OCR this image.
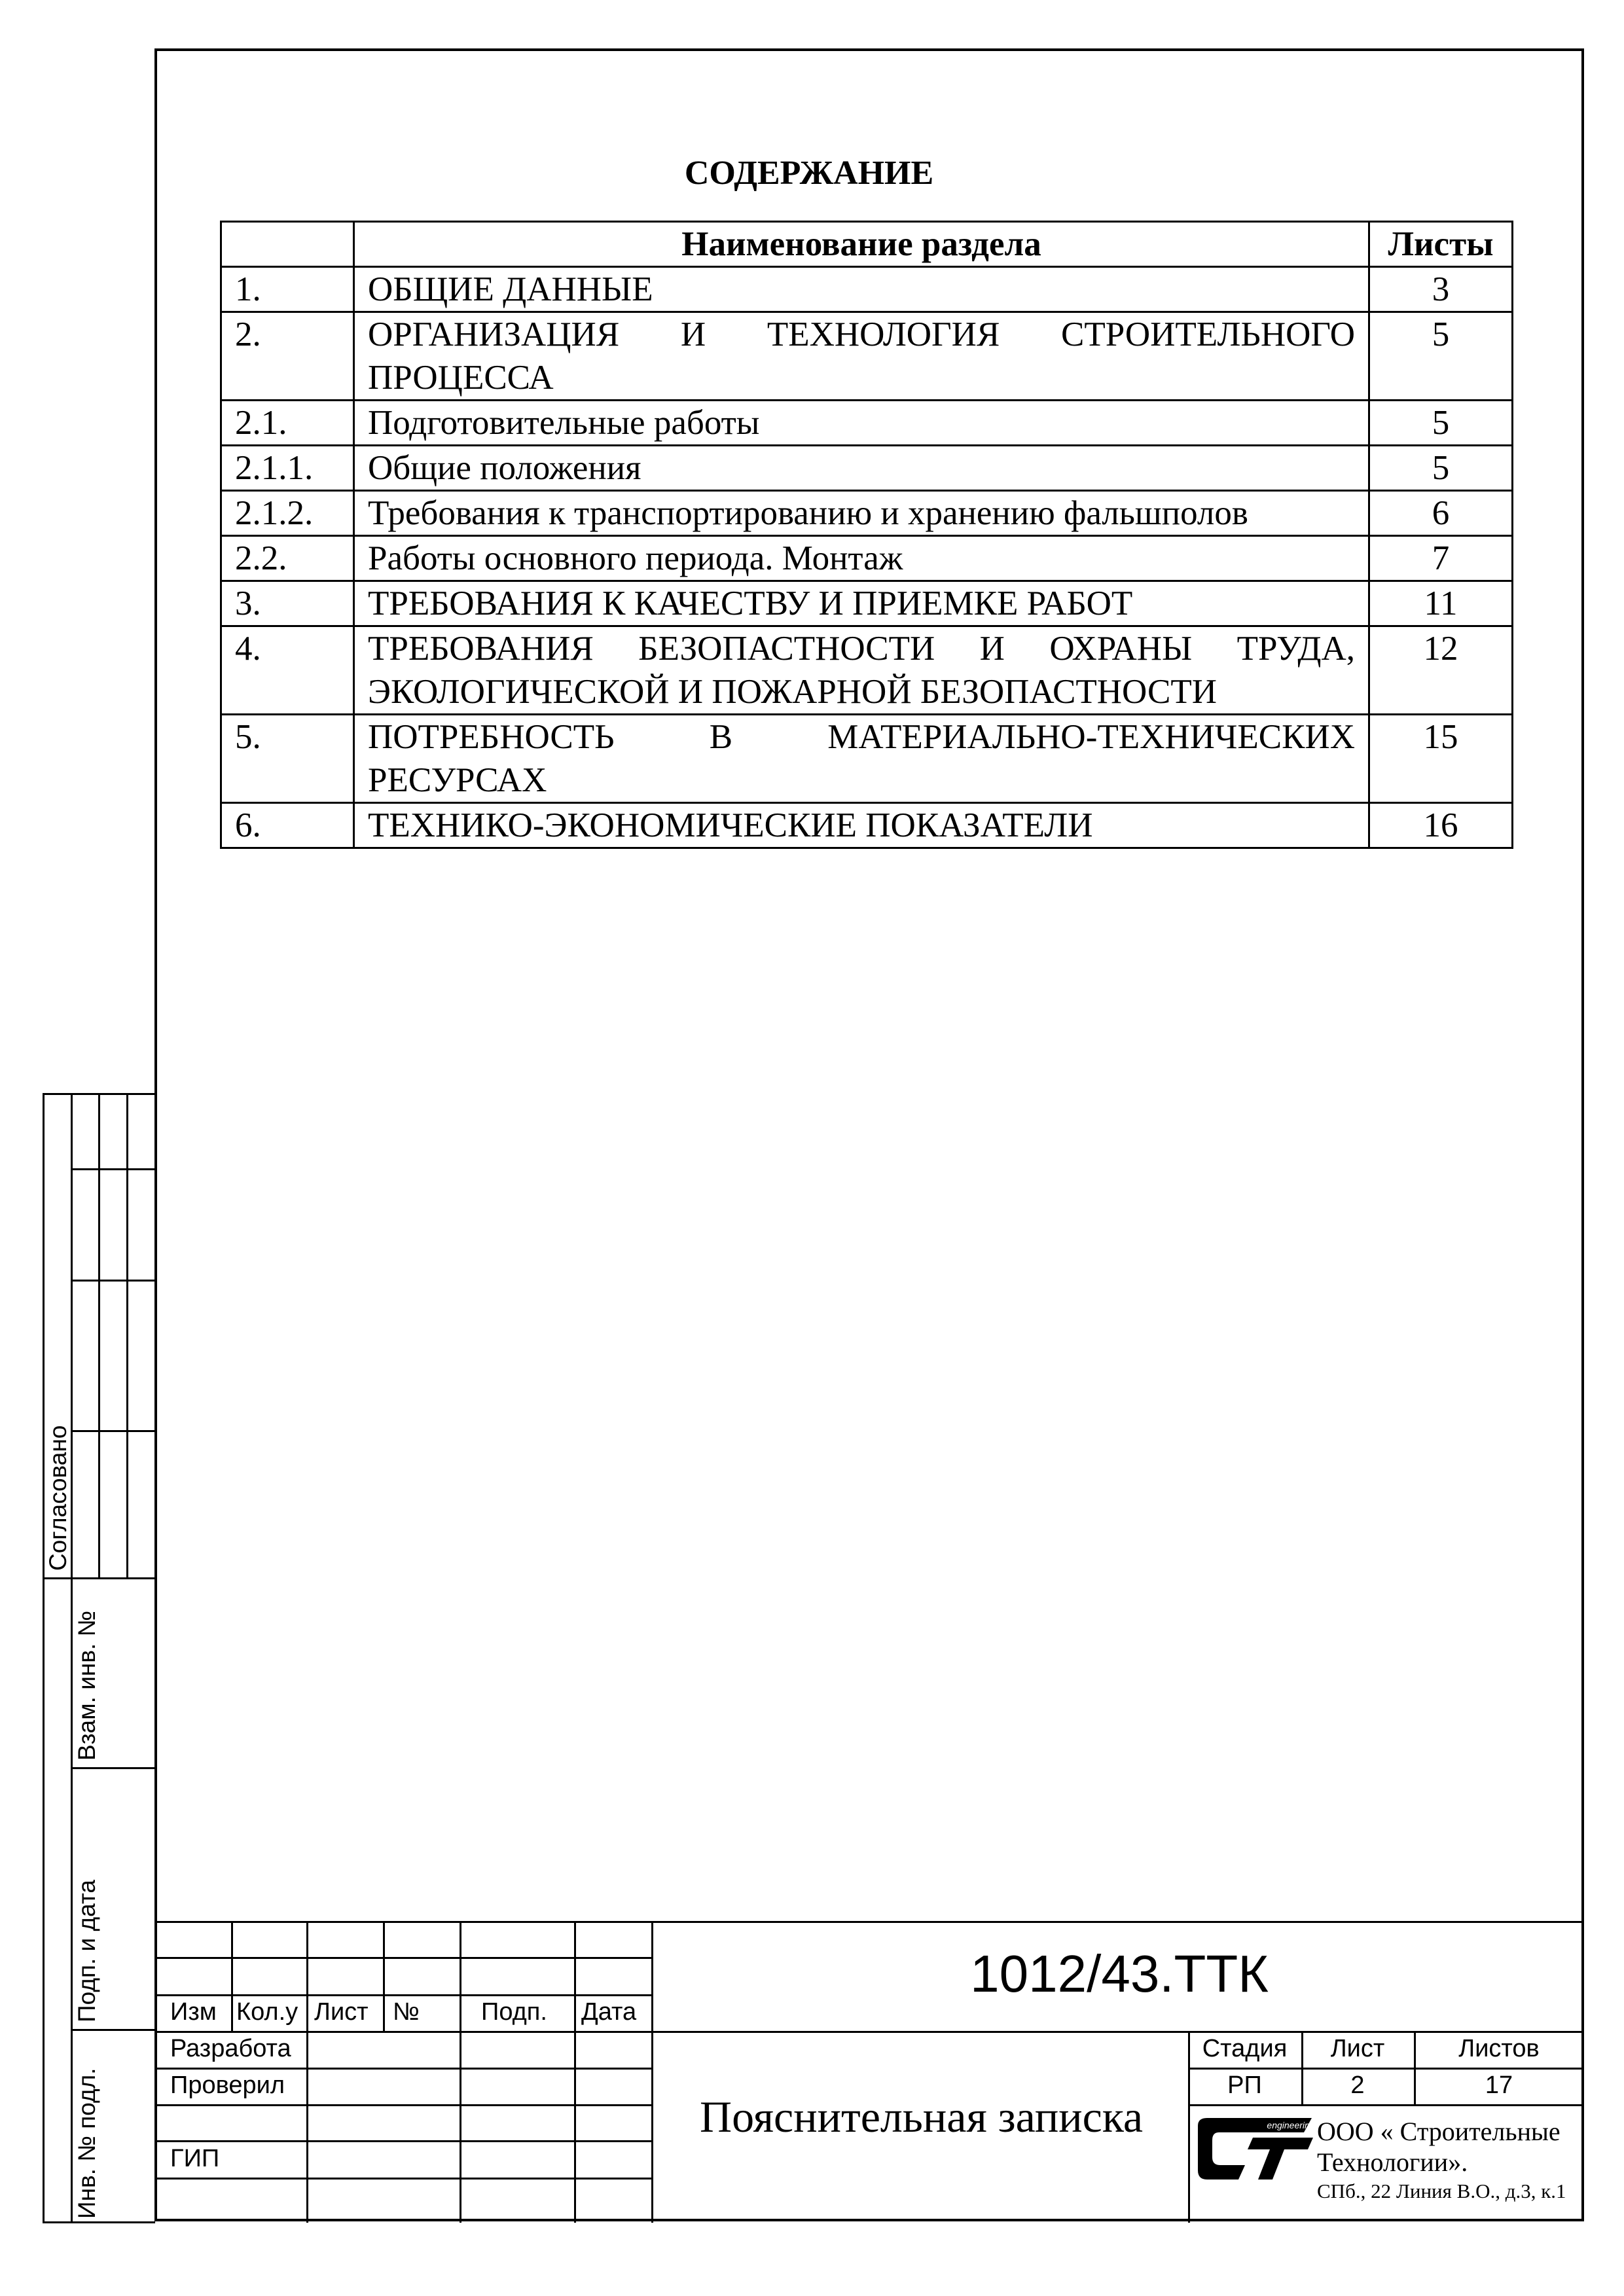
СОДЕРЖАНИЕ
	Наименование раздела	Листы
1.	ОБЩИЕ ДАННЫЕ	3
2.	ОРГАНИЗАЦИЯ И ТЕХНОЛОГИЯ СТРОИТЕЛЬНОГО ПРОЦЕССА	5
2.1.	Подготовительные работы	5
2.1.1.	Общие положения	5
2.1.2.	Требования к транспортированию и хранению фальшполов	6
2.2.	Работы основного периода. Монтаж	7
3.	ТРЕБОВАНИЯ К КАЧЕСТВУ И ПРИЕМКЕ РАБОТ	11
4.	ТРЕБОВАНИЯ БЕЗОПАСТНОСТИ И ОХРАНЫ ТРУДА, ЭКОЛОГИЧЕСКОЙ И ПОЖАРНОЙ БЕЗОПАСТНОСТИ	12
5.	ПОТРЕБНОСТЬ В МАТЕРИАЛЬНО-ТЕХНИЧЕСКИХ РЕСУРСАХ	15
6.	ТЕХНИКО-ЭКОНОМИЧЕСКИЕ ПОКАЗАТЕЛИ	16
Согласовано
Взам. инв. №
Подп. и дата
Инв. № подл.
Изм Кол.у Лист № Подп. Дата
Разработа
Проверил
ГИП
1012/43.ТТК
Пояснительная записка
Стадия	Лист	Листов
РП	2	17
engineering ООО « Строительные
Технологии».
СПб., 22 Линия В.О., д.3, к.1
